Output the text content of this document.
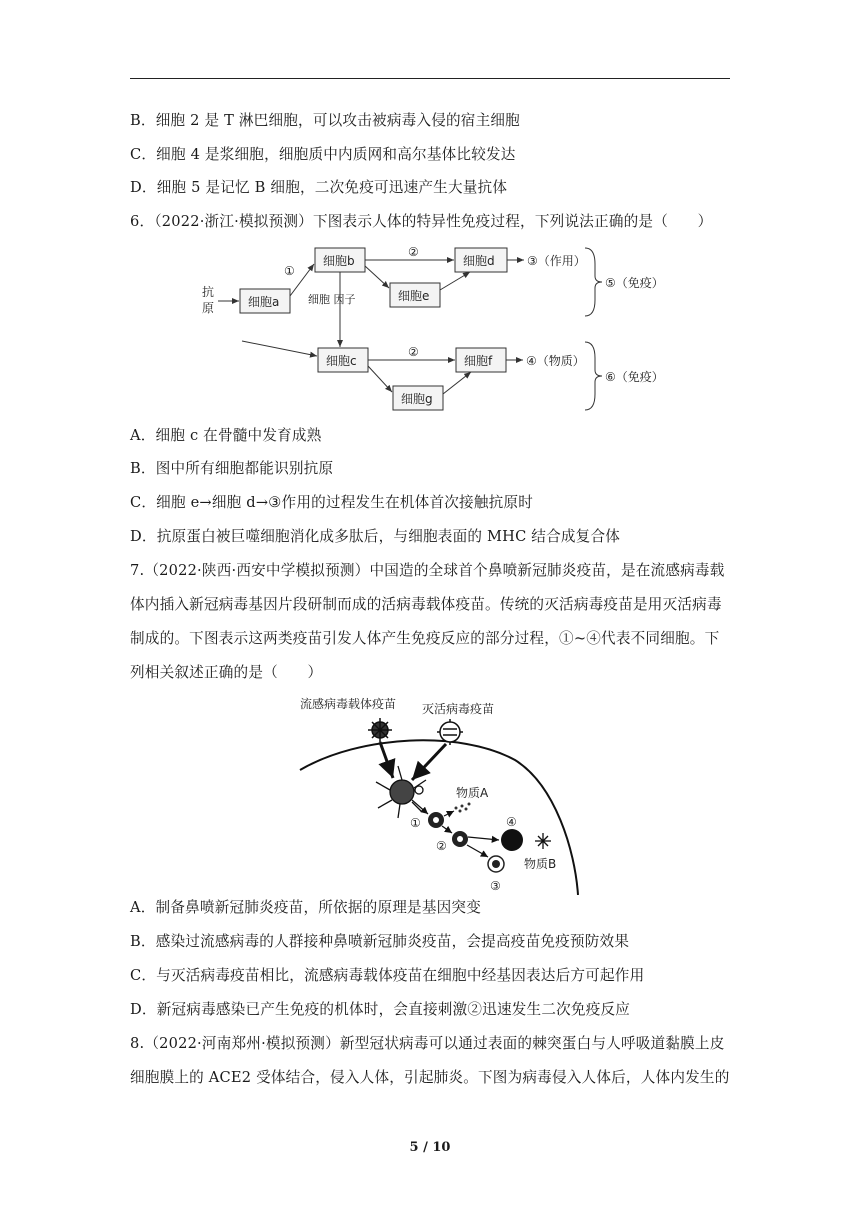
B．细胞 2 是 T 淋巴细胞，可以攻击被病毒入侵的宿主细胞
C．细胞 4 是浆细胞，细胞质中内质网和高尔基体比较发达
D．细胞 5 是记忆 B 细胞，二次免疫可迅速产生大量抗体
6．（2022·浙江·模拟预测）下图表示人体的特异性免疫过程，下列说法正确的是（　　）
抗
原	细胞a
细胞b	细胞d
细胞e
细胞c	细胞f
细胞g
①
②
②
细胞 因子
③（作用）
④（物质）
⑤（免疫）
⑥（免疫）
A．细胞 c 在骨髓中发育成熟
B．图中所有细胞都能识别抗原
C．细胞 e→细胞 d→③作用的过程发生在机体首次接触抗原时
D．抗原蛋白被巨噬细胞消化成多肽后，与细胞表面的 MHC 结合成复合体
7.（2022·陕西·西安中学模拟预测）中国造的全球首个鼻喷新冠肺炎疫苗，是在流感病毒载
体内插入新冠病毒基因片段研制而成的活病毒载体疫苗。传统的灭活病毒疫苗是用灭活病毒
制成的。下图表示这两类疫苗引发人体产生免疫反应的部分过程，①~④代表不同细胞。下
列相关叙述正确的是（　　）
流感病毒载体疫苗 灭活病毒疫苗
物质A
物质B
①
②
③
④
A．制备鼻喷新冠肺炎疫苗，所依据的原理是基因突变
B．感染过流感病毒的人群接种鼻喷新冠肺炎疫苗，会提高疫苗免疫预防效果
C．与灭活病毒疫苗相比，流感病毒载体疫苗在细胞中经基因表达后方可起作用
D．新冠病毒感染已产生免疫的机体时，会直接刺激②迅速发生二次免疫反应
8.（2022·河南郑州·模拟预测）新型冠状病毒可以通过表面的棘突蛋白与人呼吸道黏膜上皮
细胞膜上的 ACE2 受体结合，侵入人体，引起肺炎。下图为病毒侵入人体后，人体内发生的
5 / 10
